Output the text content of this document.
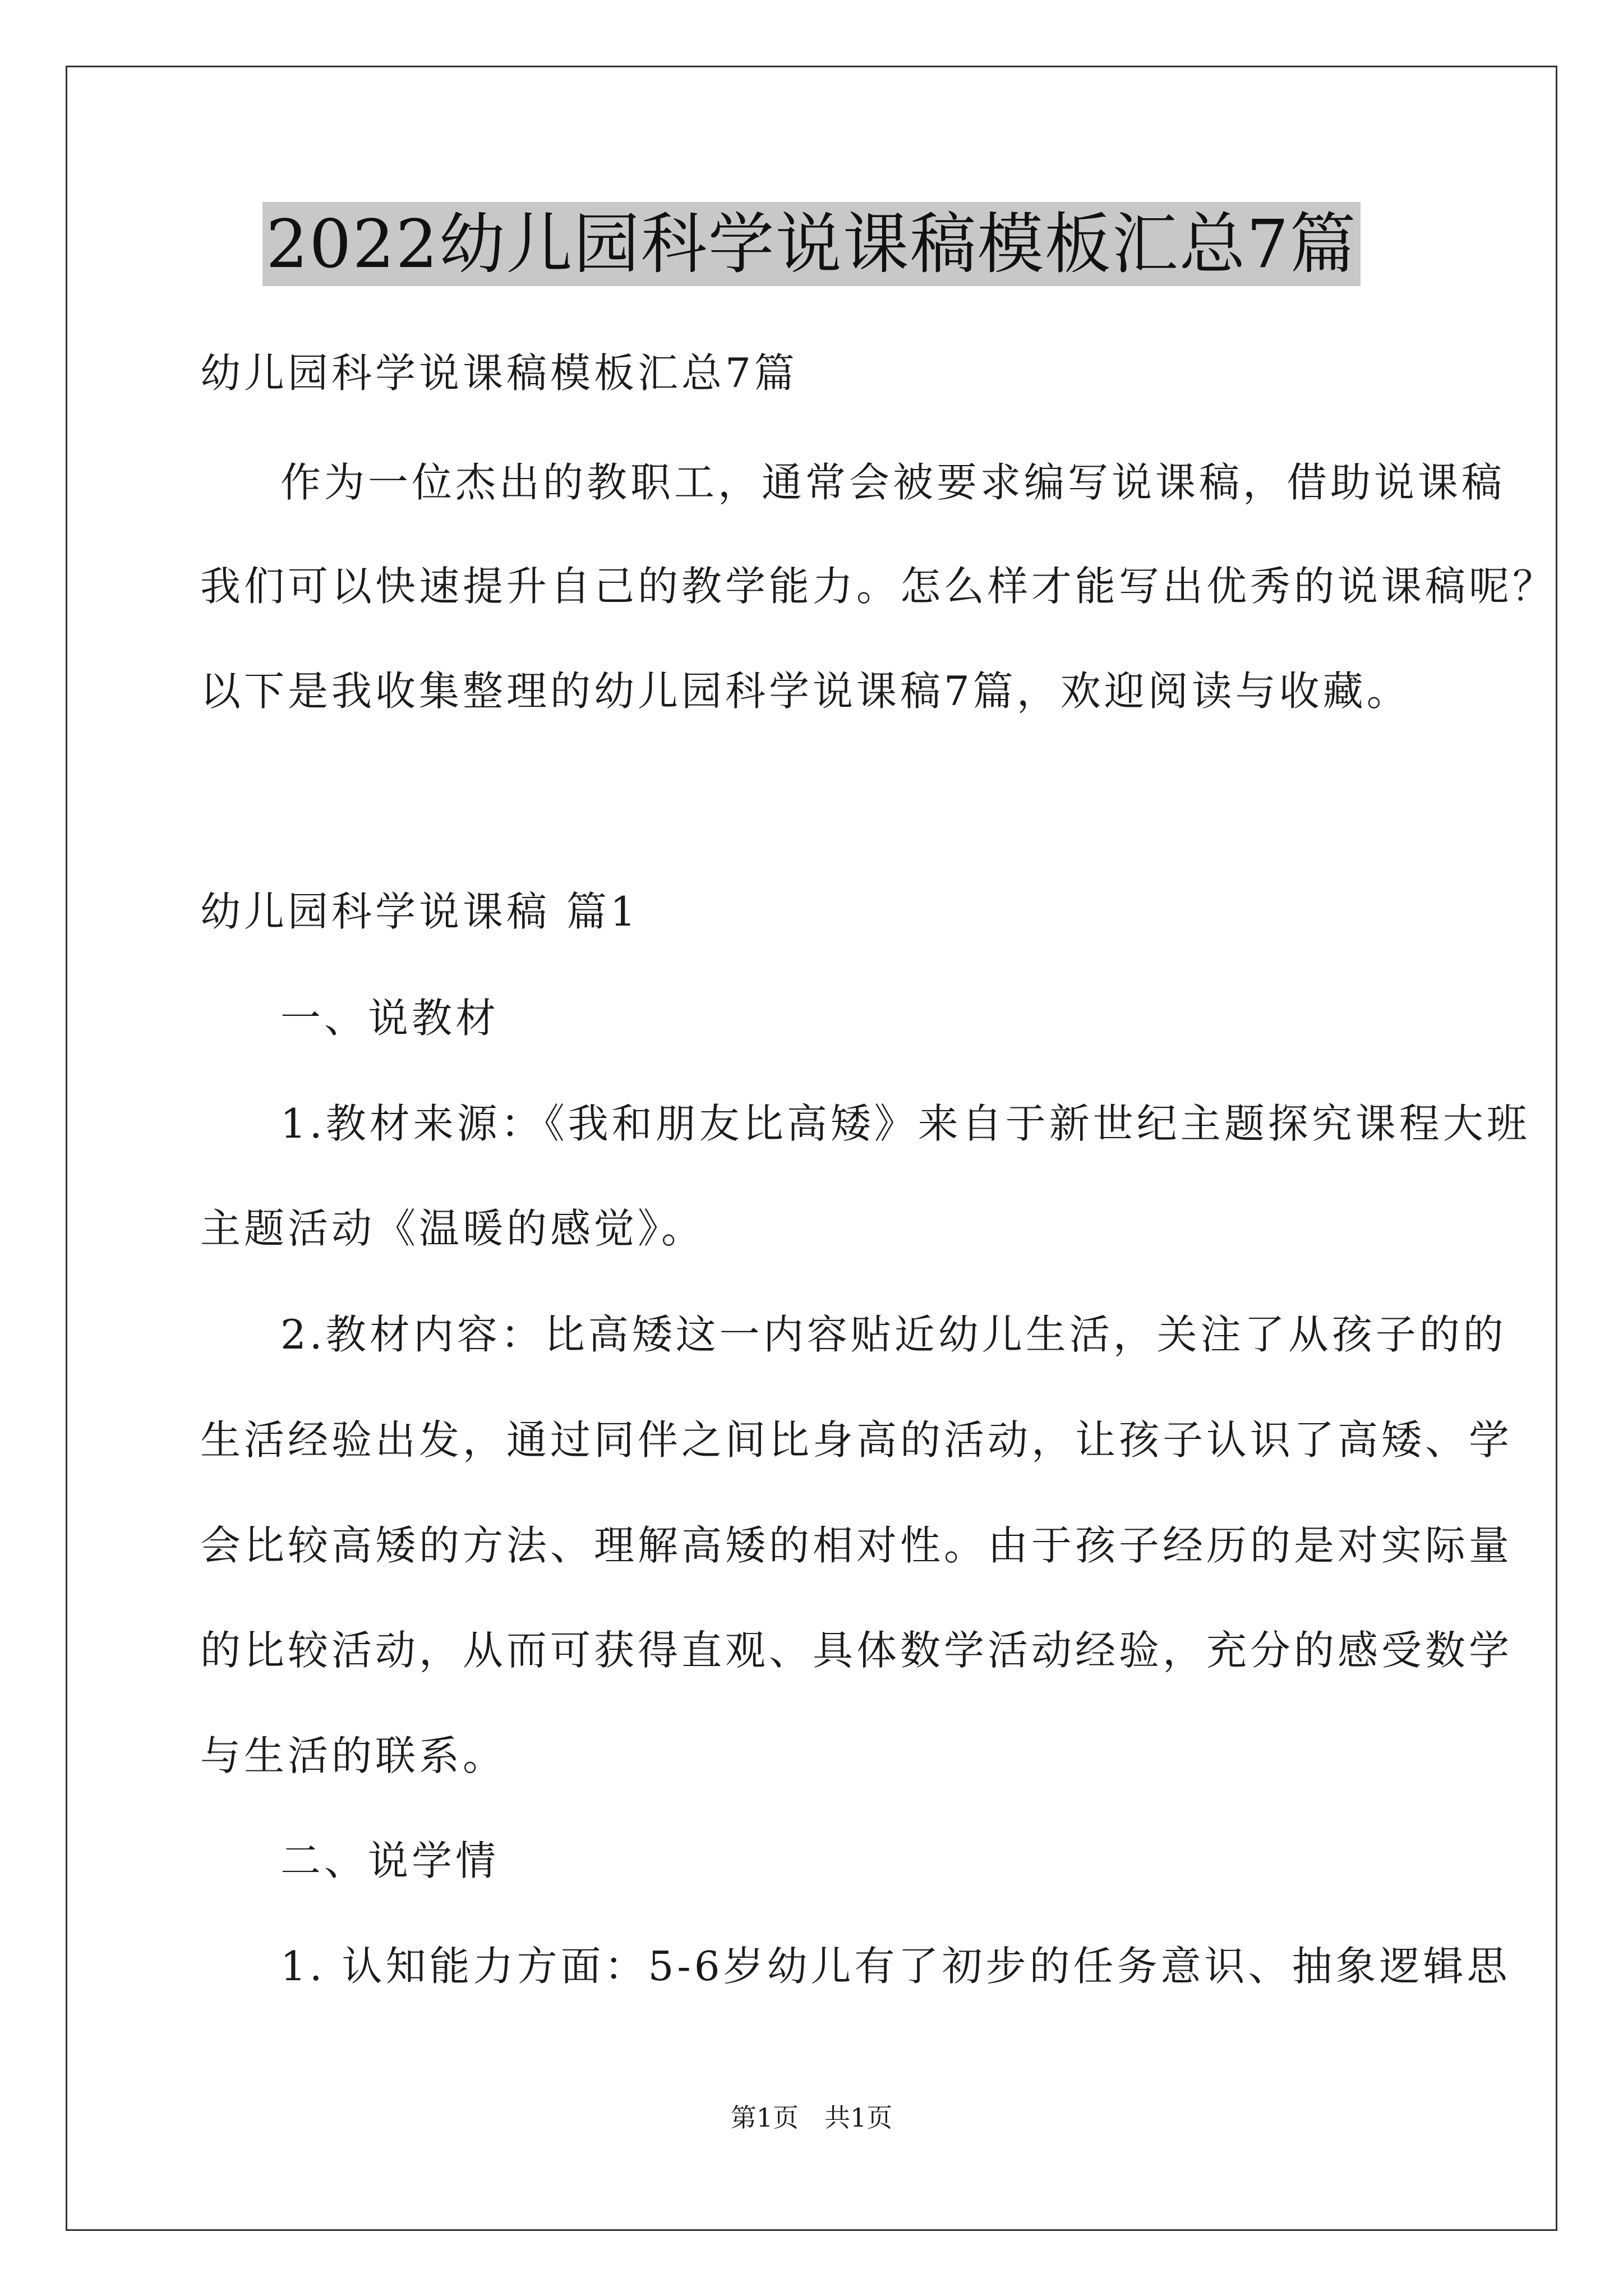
2022幼儿园科学说课稿模板汇总7篇
幼儿园科学说课稿模板汇总7篇
作为一位杰出的教职工，通常会被要求编写说课稿，借助说课稿
我们可以快速提升自己的教学能力。怎么样才能写出优秀的说课稿呢？
以下是我收集整理的幼儿园科学说课稿7篇，欢迎阅读与收藏。
幼儿园科学说课稿 篇1
一、说教材
1.教材来源：《我和朋友比高矮》来自于新世纪主题探究课程大班
主题活动《温暖的感觉》。
2.教材内容：比高矮这一内容贴近幼儿生活，关注了从孩子的的
生活经验出发，通过同伴之间比身高的活动，让孩子认识了高矮、学
会比较高矮的方法、理解高矮的相对性。由于孩子经历的是对实际量
的比较活动，从而可获得直观、具体数学活动经验，充分的感受数学
与生活的联系。
二、说学情
1. 认知能力方面：5-6岁幼儿有了初步的任务意识、抽象逻辑思
第1页　共1页
